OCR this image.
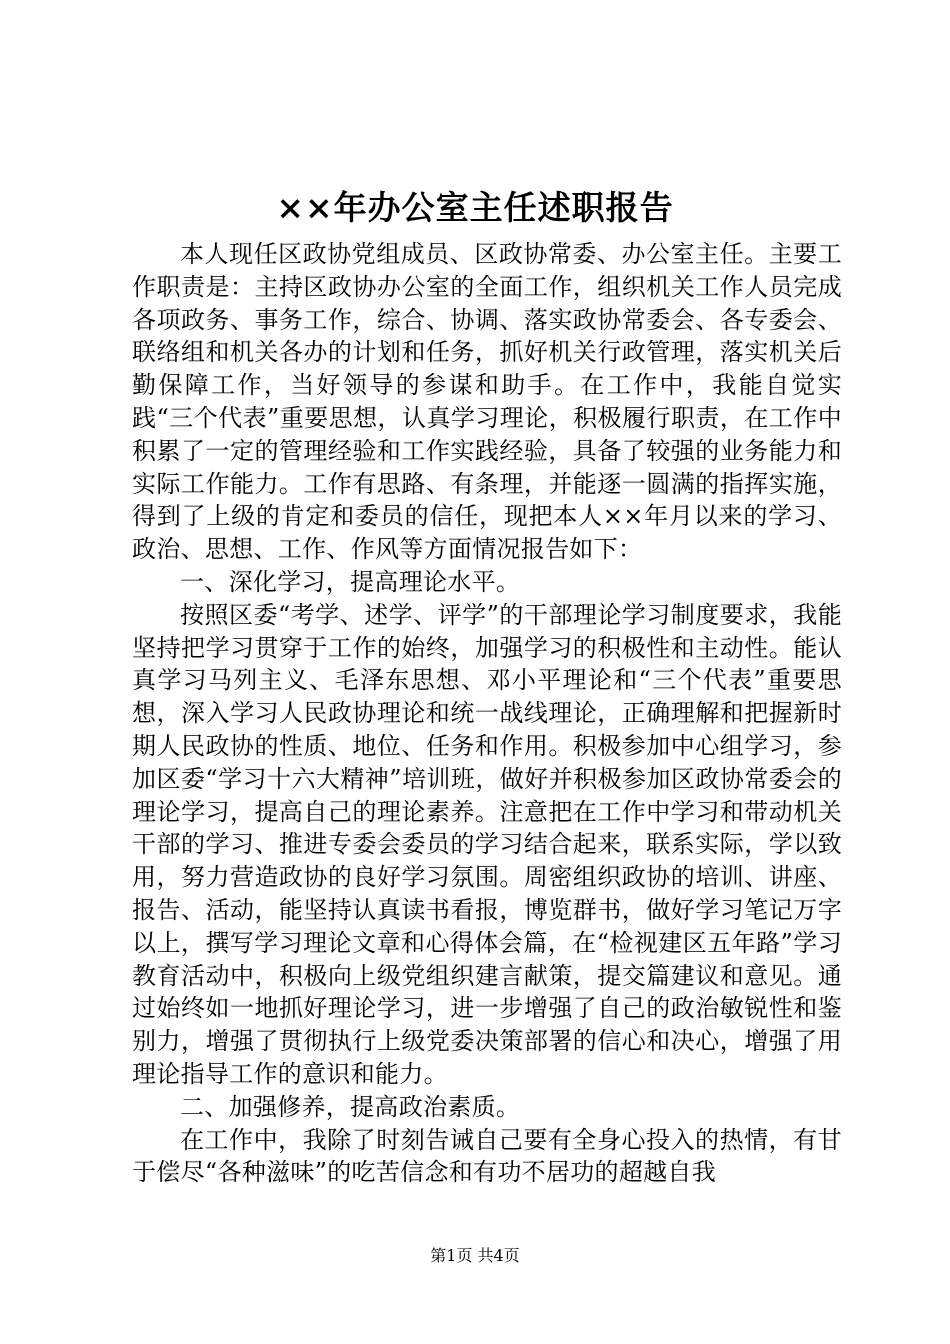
××年办公室主任述职报告

本人现任区政协党组成员、区政协常委、办公室主任。主要工作职责是：主持区政协办公室的全面工作，组织机关工作人员完成各项政务、事务工作，综合、协调、落实政协常委会、各专委会、联络组和机关各办的计划和任务，抓好机关行政管理，落实机关后勤保障工作，当好领导的参谋和助手。在工作中，我能自觉实践“三个代表”重要思想，认真学习理论，积极履行职责，在工作中积累了一定的管理经验和工作实践经验，具备了较强的业务能力和实际工作能力。工作有思路、有条理，并能逐一圆满的指挥实施，得到了上级的肯定和委员的信任，现把本人××年月以来的学习、政治、思想、工作、作风等方面情况报告如下：

一、深化学习，提高理论水平。

按照区委“考学、述学、评学”的干部理论学习制度要求，我能坚持把学习贯穿于工作的始终，加强学习的积极性和主动性。能认真学习马列主义、毛泽东思想、邓小平理论和“三个代表”重要思想，深入学习人民政协理论和统一战线理论，正确理解和把握新时期人民政协的性质、地位、任务和作用。积极参加中心组学习，参加区委“学习十六大精神”培训班，做好并积极参加区政协常委会的理论学习，提高自己的理论素养。注意把在工作中学习和带动机关干部的学习、推进专委会委员的学习结合起来，联系实际，学以致用，努力营造政协的良好学习氛围。周密组织政协的培训、讲座、报告、活动，能坚持认真读书看报，博览群书，做好学习笔记万字以上，撰写学习理论文章和心得体会篇，在“检视建区五年路”学习教育活动中，积极向上级党组织建言献策，提交篇建议和意见。通过始终如一地抓好理论学习，进一步增强了自己的政治敏锐性和鉴别力，增强了贯彻执行上级党委决策部署的信心和决心，增强了用理论指导工作的意识和能力。

二、加强修养，提高政治素质。

在工作中，我除了时刻告诫自己要有全身心投入的热情，有甘于偿尽“各种滋味”的吃苦信念和有功不居功的超越自我

第1页 共4页
